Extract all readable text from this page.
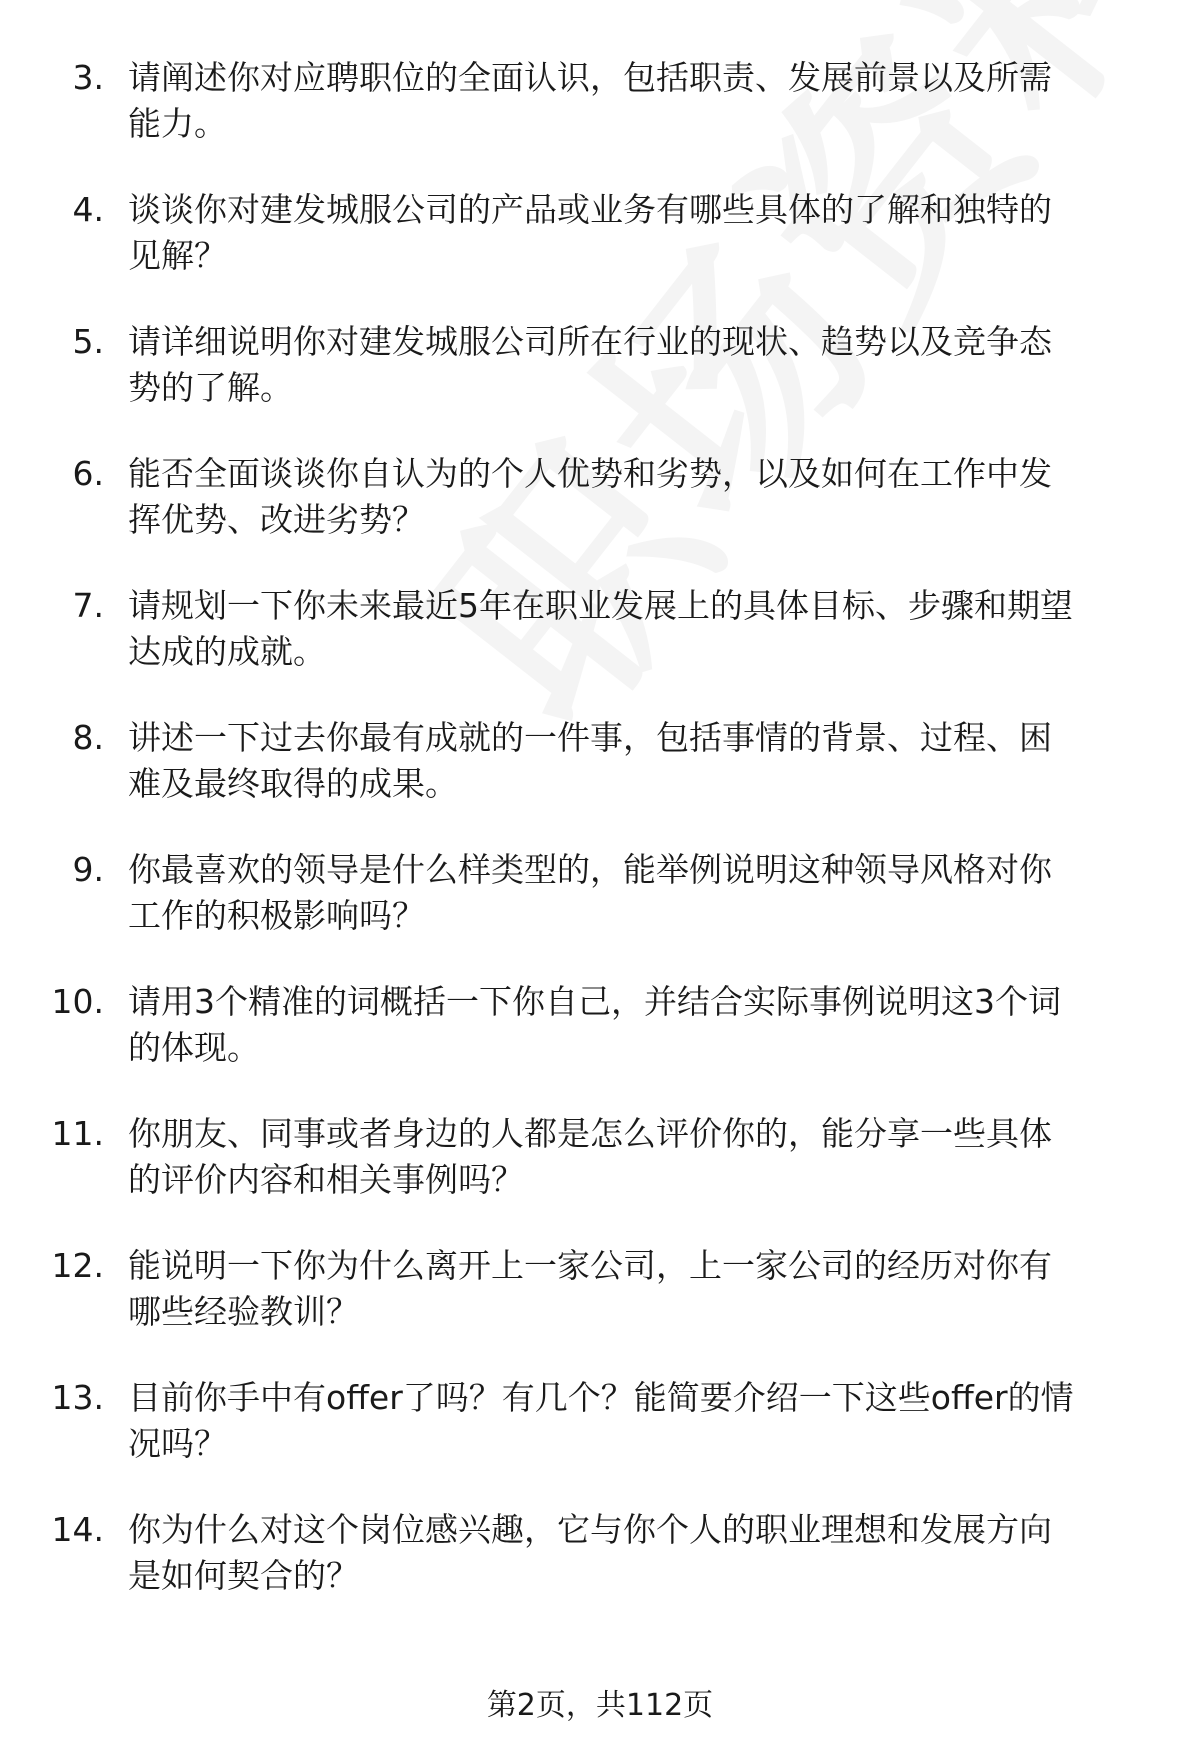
3. 请阐述你对应聘职位的全面认识，包括职责、发展前景以及所需
能力。
4. 谈谈你对建发城服公司的产品或业务有哪些具体的了解和独特的
见解？
5. 请详细说明你对建发城服公司所在行业的现状、趋势以及竞争态
势的了解。
6. 能否全面谈谈你自认为的个人优势和劣势，以及如何在工作中发
挥优势、改进劣势？
7. 请规划一下你未来最近5年在职业发展上的具体目标、步骤和期望
达成的成就。
8. 讲述一下过去你最有成就的一件事，包括事情的背景、过程、困
难及最终取得的成果。
9. 你最喜欢的领导是什么样类型的，能举例说明这种领导风格对你
工作的积极影响吗？
10. 请用3个精准的词概括一下你自己，并结合实际事例说明这3个词
的体现。
11. 你朋友、同事或者身边的人都是怎么评价你的，能分享一些具体
的评价内容和相关事例吗？
12. 能说明一下你为什么离开上一家公司，上一家公司的经历对你有
哪些经验教训？
13. 目前你手中有offer了吗？有几个？能简要介绍一下这些offer的情
况吗？
14. 你为什么对这个岗位感兴趣，它与你个人的职业理想和发展方向
是如何契合的？
第2页，共112页
